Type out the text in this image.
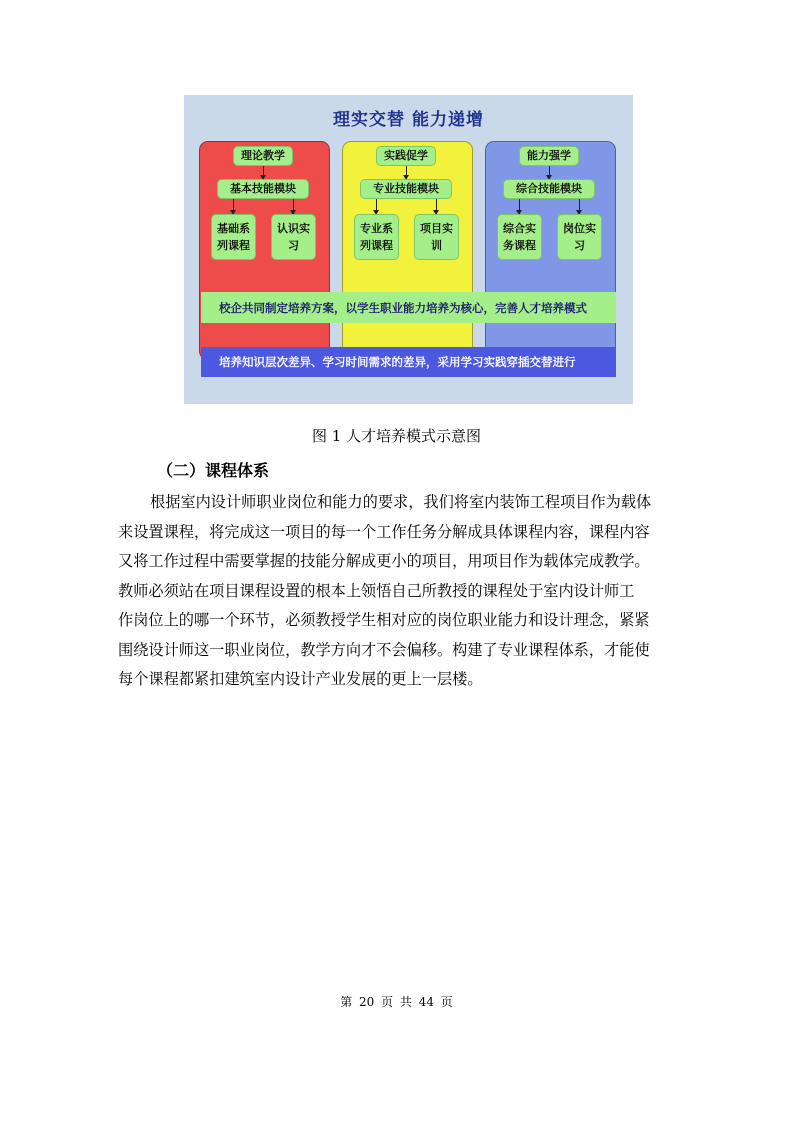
理实交替 能力递增
理论教学
基本技能模块
基础系列课程
认识实习
实践促学
专业技能模块
专业系列课程
项目实训
能力强学
综合技能模块
综合实务课程
岗位实习
校企共同制定培养方案，以学生职业能力培养为核心，完善人才培养模式
培养知识层次差异、学习时间需求的差异，采用学习实践穿插交替进行
图 1 人才培养模式示意图
（二）课程体系
根据室内设计师职业岗位和能力的要求，我们将室内装饰工程项目作为载体
来设置课程，将完成这一项目的每一个工作任务分解成具体课程内容，课程内容
又将工作过程中需要掌握的技能分解成更小的项目，用项目作为载体完成教学。
教师必须站在项目课程设置的根本上领悟自己所教授的课程处于室内设计师工
作岗位上的哪一个环节，必须教授学生相对应的岗位职业能力和设计理念，紧紧
围绕设计师这一职业岗位，教学方向才不会偏移。构建了专业课程体系，才能使
每个课程都紧扣建筑室内设计产业发展的更上一层楼。
第 20 页 共 44 页
